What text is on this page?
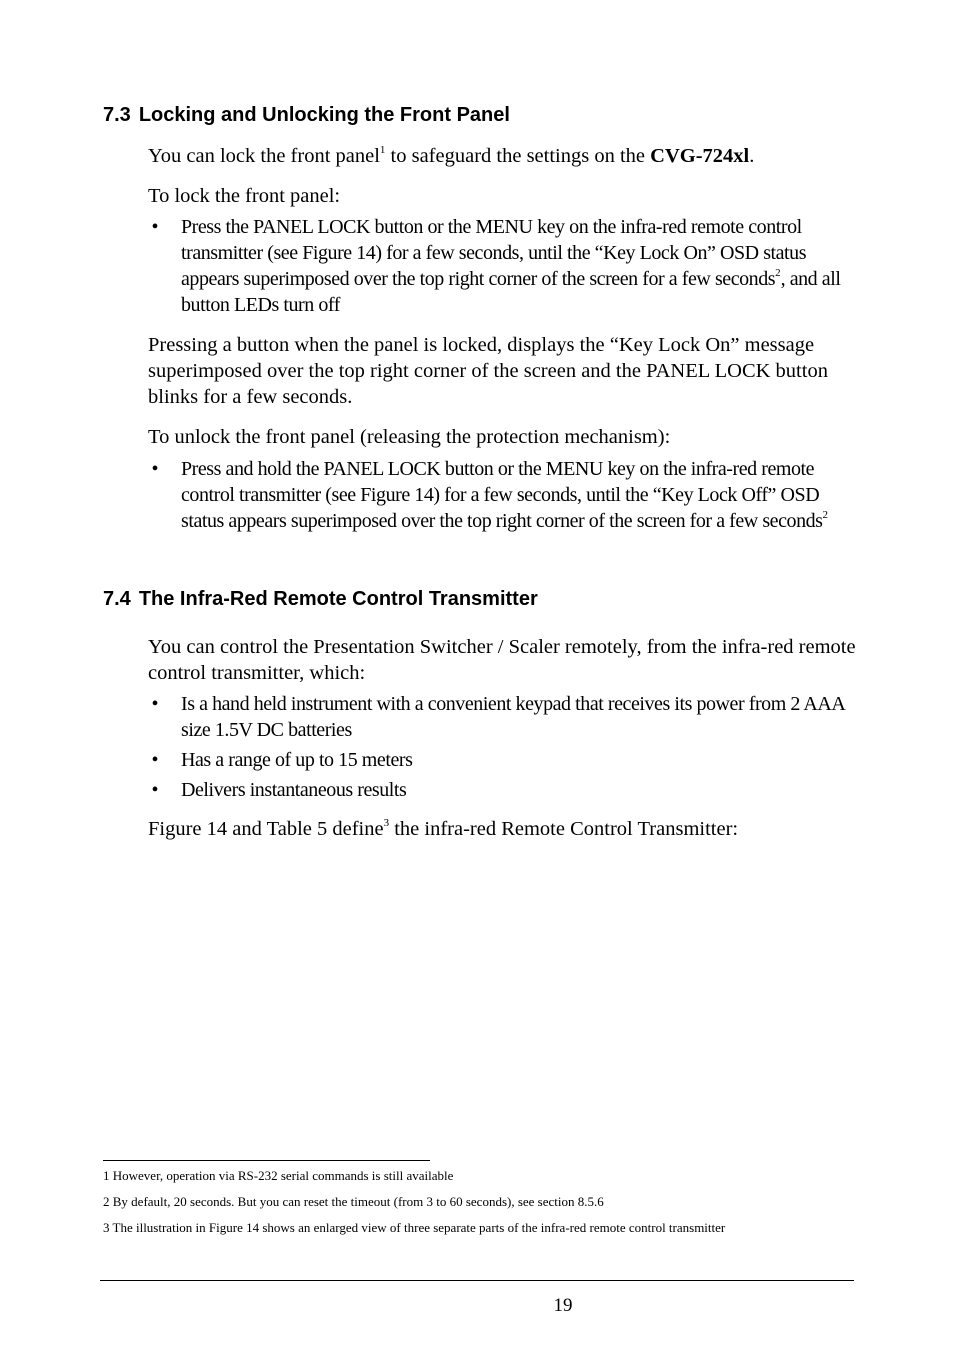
7.3 Locking and Unlocking the Front Panel

You can lock the front panel$^1$ to safeguard the settings on the CVG-724xl.

To lock the front panel:

• Press the PANEL LOCK button or the MENU key on the infra-red remote control transmitter (see Figure 14) for a few seconds, until the “Key Lock On” OSD status appears superimposed over the top right corner of the screen for a few seconds$^2$, and all button LEDs turn off

Pressing a button when the panel is locked, displays the “Key Lock On” message superimposed over the top right corner of the screen and the PANEL LOCK button blinks for a few seconds.

To unlock the front panel (releasing the protection mechanism):

• Press and hold the PANEL LOCK button or the MENU key on the infra-red remote control transmitter (see Figure 14) for a few seconds, until the “Key Lock Off” OSD status appears superimposed over the top right corner of the screen for a few seconds$^2$
7.4 The Infra-Red Remote Control Transmitter

You can control the Presentation Switcher / Scaler remotely, from the infra-red remote control transmitter, which:

• Is a hand held instrument with a convenient keypad that receives its power from 2 AAA size 1.5V DC batteries
• Has a range of up to 15 meters
• Delivers instantaneous results

Figure 14 and Table 5 define$^3$ the infra-red Remote Control Transmitter:

1 However, operation via RS-232 serial commands is still available

2 By default, 20 seconds. But you can reset the timeout (from 3 to 60 seconds), see section 8.5.6

3 The illustration in Figure 14 shows an enlarged view of three separate parts of the infra-red remote control transmitter

19
